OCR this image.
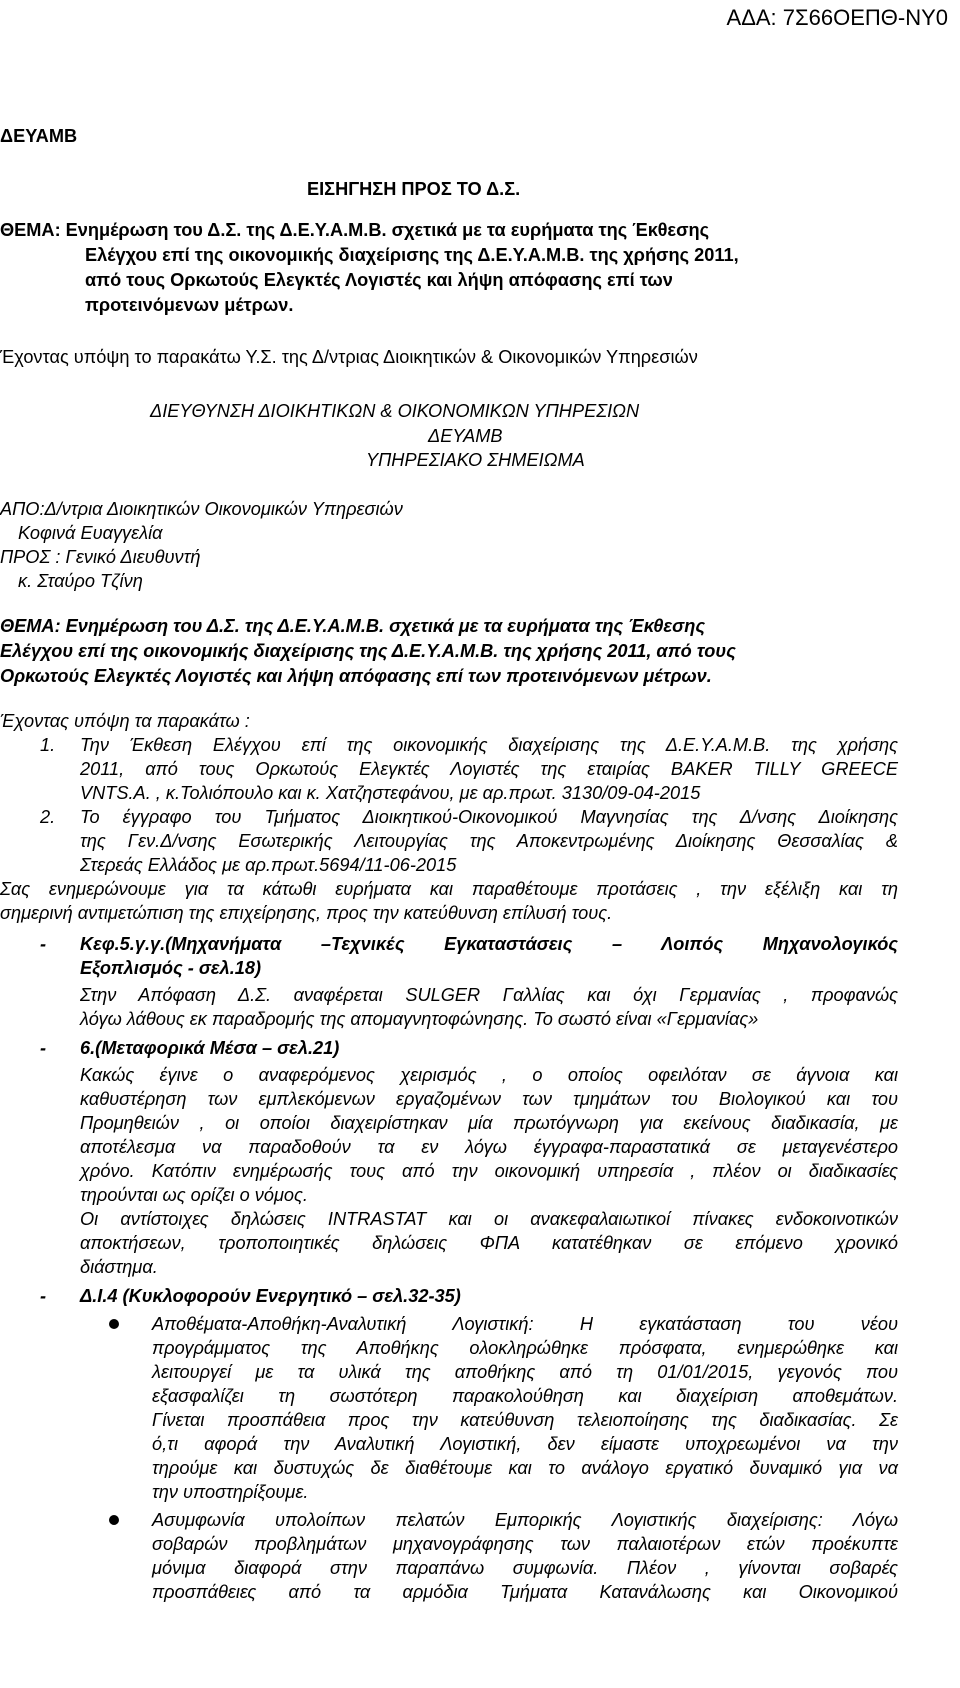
ΑΔΑ: 7Σ66ΟΕΠΘ-ΝΥ0
ΔΕΥΑΜΒ
ΕΙΣΗΓΗΣΗ ΠΡΟΣ ΤΟ Δ.Σ.
ΘΕΜΑ: Ενημέρωση του Δ.Σ. της Δ.Ε.Υ.Α.Μ.Β. σχετικά με τα ευρήματα της Έκθεσης
Ελέγχου επί της οικονομικής διαχείρισης της Δ.Ε.Υ.Α.Μ.Β. της χρήσης 2011,
από τους Ορκωτούς Ελεγκτές Λογιστές και λήψη απόφασης επί των
προτεινόμενων μέτρων.
Έχοντας υπόψη το παρακάτω Υ.Σ. της Δ/ντριας Διοικητικών & Οικονομικών Υπηρεσιών
ΔΙΕΥΘΥΝΣΗ ΔΙΟΙΚΗΤΙΚΩΝ & ΟΙΚΟΝΟΜΙΚΩΝ ΥΠΗΡΕΣΙΩΝ
ΔΕΥΑΜΒ
ΥΠΗΡΕΣΙΑΚΟ ΣΗΜΕΙΩΜΑ
ΑΠΟ:Δ/ντρια Διοικητικών Οικονομικών Υπηρεσιών
Κοφινά Ευαγγελία
ΠΡΟΣ : Γενικό Διευθυντή
κ. Σταύρο Τζίνη
ΘΕΜΑ: Ενημέρωση του Δ.Σ. της Δ.Ε.Υ.Α.Μ.Β. σχετικά με τα ευρήματα της Έκθεσης
Ελέγχου επί της οικονομικής διαχείρισης της Δ.Ε.Υ.Α.Μ.Β. της χρήσης 2011, από τους
Ορκωτούς Ελεγκτές Λογιστές και λήψη απόφασης επί των προτεινόμενων μέτρων.
Έχοντας υπόψη τα παρακάτω :
1. Την Έκθεση Ελέγχου επί της οικονομικής διαχείρισης της Δ.Ε.Υ.Α.Μ.Β. της χρήσης
2011, από τους Ορκωτούς Ελεγκτές Λογιστές της εταιρίας BAKER TILLY GREECE
VNTS.A. , κ.Τολιόπουλο και κ. Χατζηστεφάνου, με αρ.πρωτ. 3130/09-04-2015
2. Το έγγραφο του Τμήματος Διοικητικού-Οικονομικού Μαγνησίας της Δ/νσης Διοίκησης
της Γεν.Δ/νσης Εσωτερικής Λειτουργίας της Αποκεντρωμένης Διοίκησης Θεσσαλίας &
Στερεάς Ελλάδος με αρ.πρωτ.5694/11-06-2015
Σας ενημερώνουμε για τα κάτωθι ευρήματα και παραθέτουμε προτάσεις , την εξέλιξη και τη
σημερινή αντιμετώπιση της επιχείρησης, προς την κατεύθυνση επίλυσή τους.
- Κεφ.5.γ.γ.(Μηχανήματα –Τεχνικές Εγκαταστάσεις – Λοιπός Μηχανολογικός
Εξοπλισμός - σελ.18)
Στην Απόφαση Δ.Σ. αναφέρεται SULGER Γαλλίας και όχι Γερμανίας , προφανώς
λόγω λάθους εκ παραδρομής της απομαγνητοφώνησης. Το σωστό είναι «Γερμανίας»
- 6.(Μεταφορικά Μέσα – σελ.21)
Κακώς έγινε ο αναφερόμενος χειρισμός , ο οποίος οφειλόταν σε άγνοια και
καθυστέρηση των εμπλεκόμενων εργαζομένων των τμημάτων του Βιολογικού και του
Προμηθειών , οι οποίοι διαχειρίστηκαν μία πρωτόγνωρη για εκείνους διαδικασία, με
αποτέλεσμα να παραδοθούν τα εν λόγω έγγραφα-παραστατικά σε μεταγενέστερο
χρόνο. Κατόπιν ενημέρωσής τους από την οικονομική υπηρεσία , πλέον οι διαδικασίες
τηρούνται ως ορίζει ο νόμος.
Οι αντίστοιχες δηλώσεις INTRASTAT και οι ανακεφαλαιωτικοί πίνακες ενδοκοινοτικών
αποκτήσεων, τροποποιητικές δηλώσεις ΦΠΑ κατατέθηκαν σε επόμενο χρονικό
διάστημα.
- Δ.Ι.4 (Κυκλοφορούν Ενεργητικό – σελ.32-35)
Αποθέματα-Αποθήκη-Αναλυτική Λογιστική: Η εγκατάσταση του νέου
προγράμματος της Αποθήκης ολοκληρώθηκε πρόσφατα, ενημερώθηκε και
λειτουργεί με τα υλικά της αποθήκης από τη 01/01/2015, γεγονός που
εξασφαλίζει τη σωστότερη παρακολούθηση και διαχείριση αποθεμάτων.
Γίνεται προσπάθεια προς την κατεύθυνση τελειοποίησης της διαδικασίας. Σε
ό,τι αφορά την Αναλυτική Λογιστική, δεν είμαστε υποχρεωμένοι να την
τηρούμε και δυστυχώς δε διαθέτουμε και το ανάλογο εργατικό δυναμικό για να
την υποστηρίξουμε.
Ασυμφωνία υπολοίπων πελατών Εμπορικής Λογιστικής διαχείρισης: Λόγω
σοβαρών προβλημάτων μηχανογράφησης των παλαιοτέρων ετών προέκυπτε
μόνιμα διαφορά στην παραπάνω συμφωνία. Πλέον , γίνονται σοβαρές
προσπάθειες από τα αρμόδια Τμήματα Κατανάλωσης και Οικονομικού
